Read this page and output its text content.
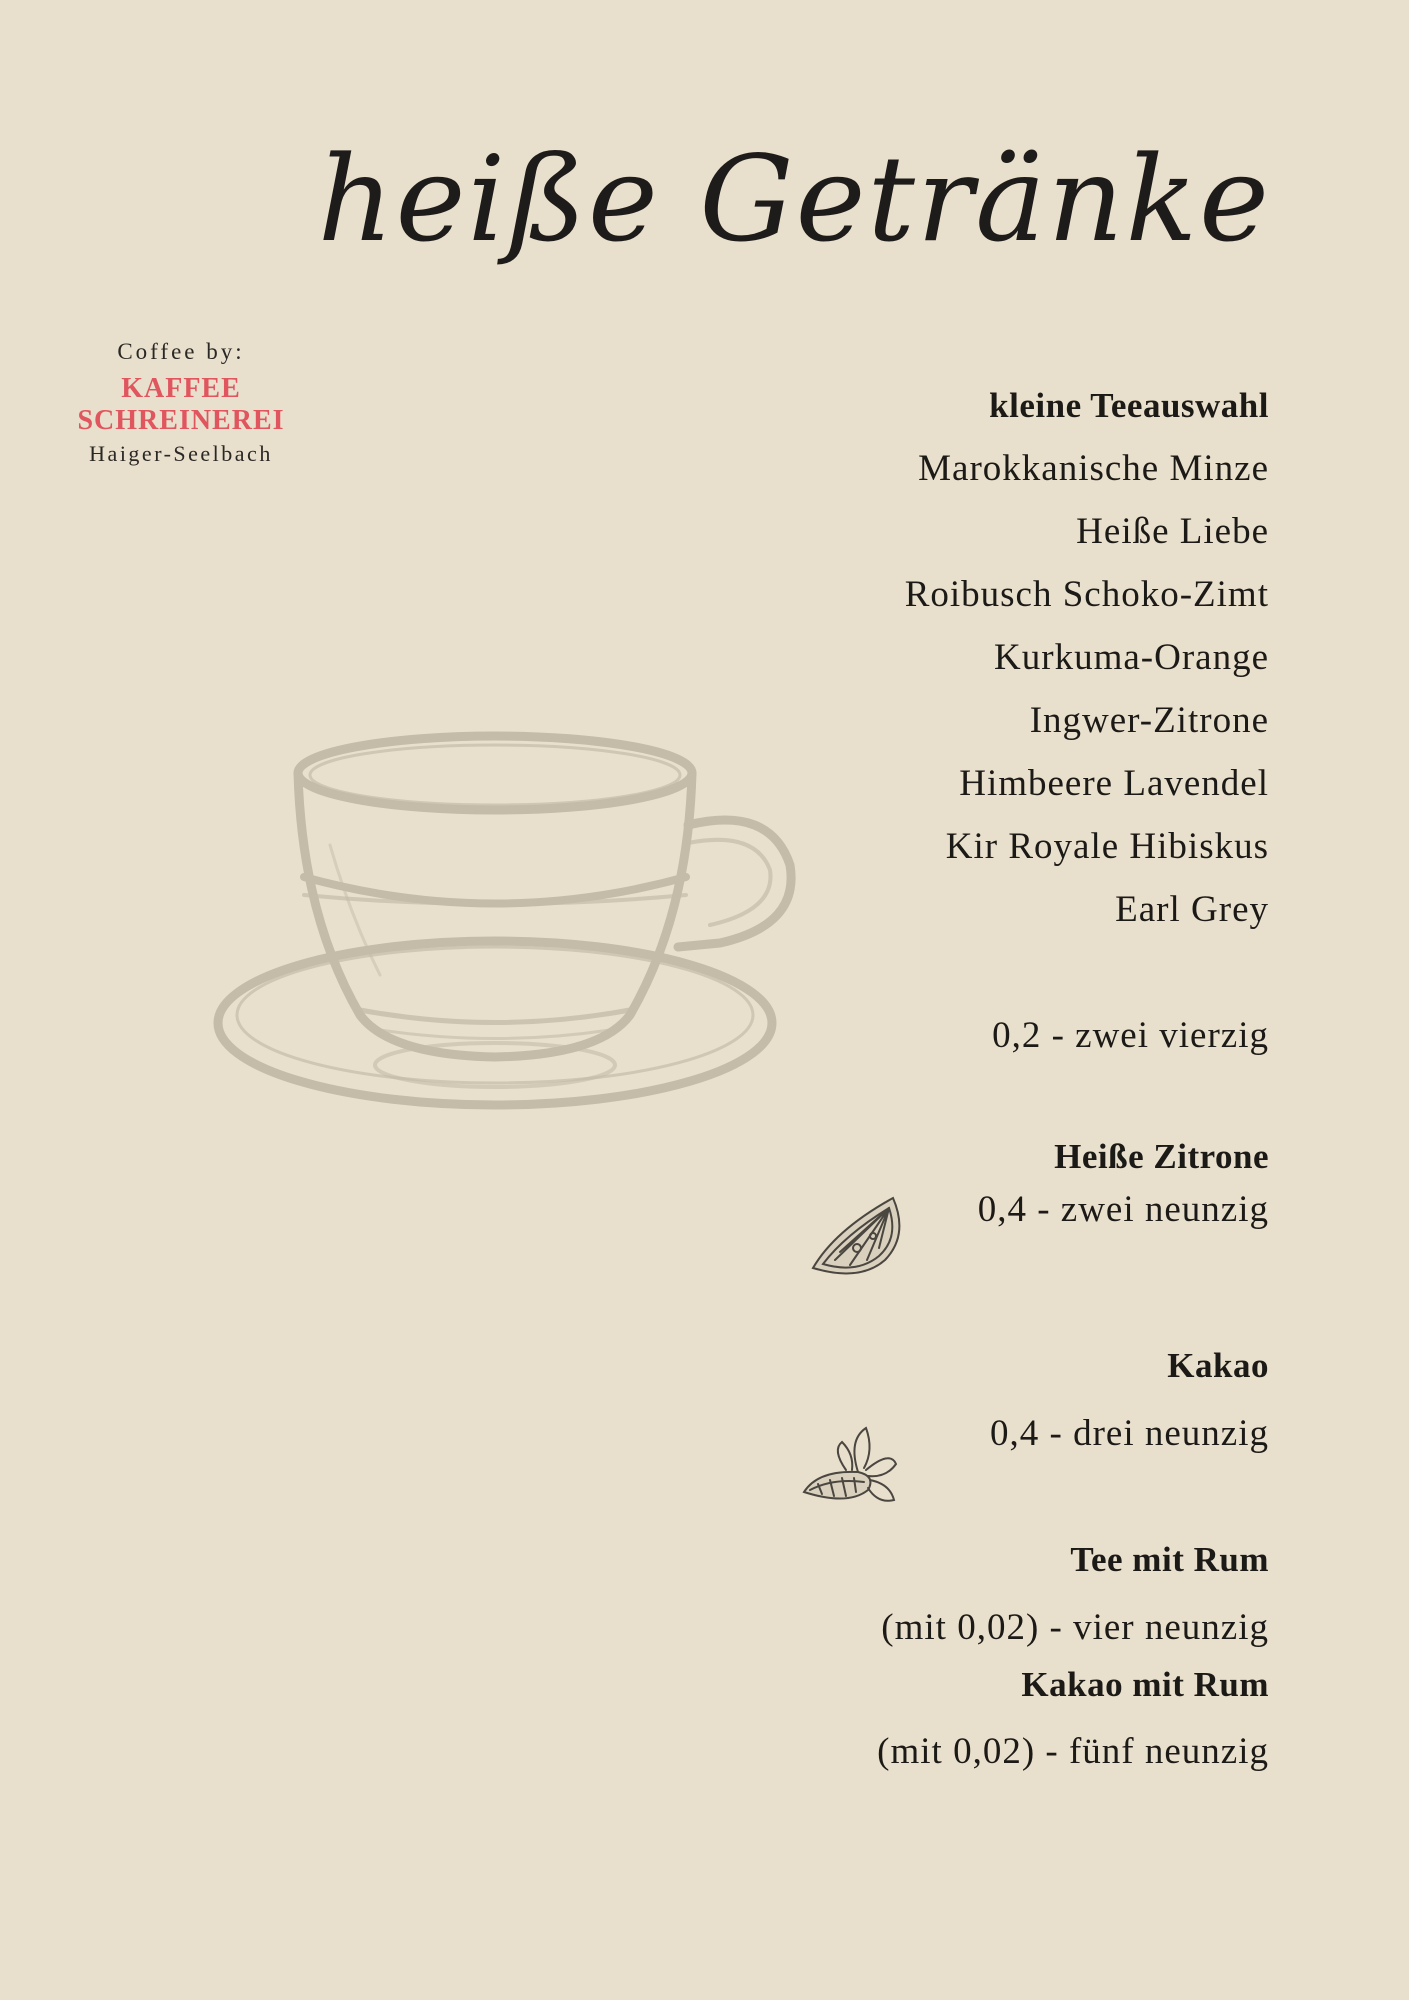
heiße Getränke
Coffee by:
KAFFEE
SCHREINEREI
Haiger-Seelbach
kleine Teeauswahl
Marokkanische Minze
Heiße Liebe
Roibusch Schoko-Zimt
Kurkuma-Orange
Ingwer-Zitrone
Himbeere Lavendel
Kir Royale Hibiskus
Earl Grey
0,2 - zwei vierzig
Heiße Zitrone
0,4 - zwei neunzig
Kakao
0,4 - drei neunzig
Tee mit Rum
(mit 0,02) - vier neunzig
Kakao mit Rum
(mit 0,02) - fünf neunzig
